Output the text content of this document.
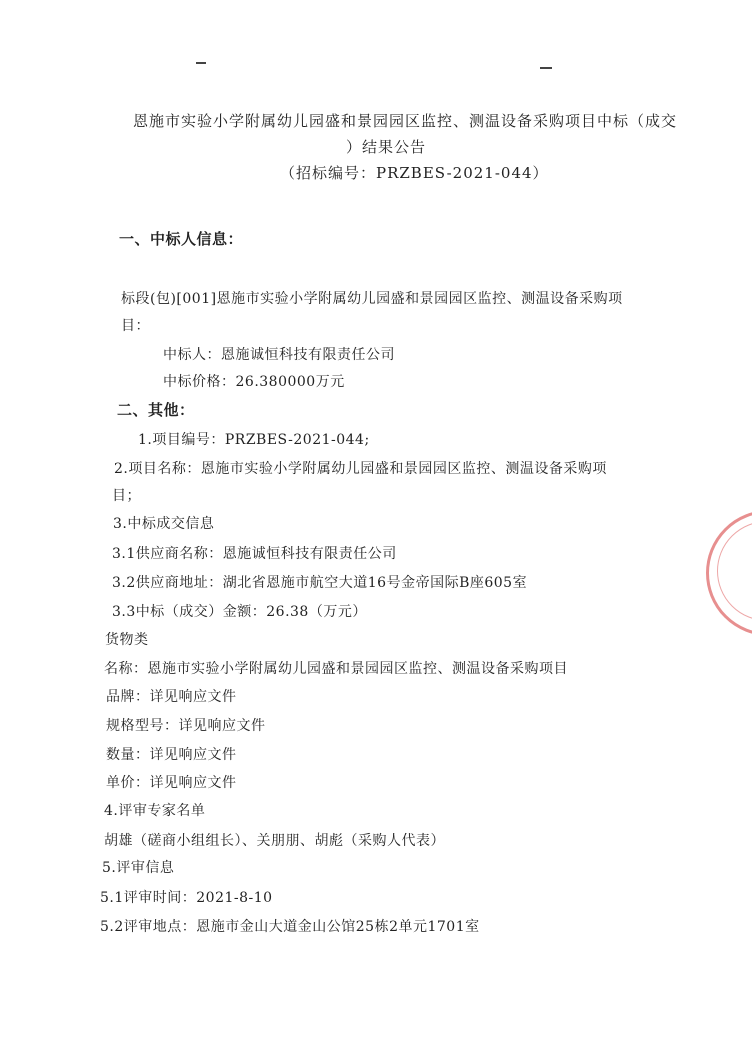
恩施市实验小学附属幼儿园盛和景园园区监控、测温设备采购项目中标（成交
）结果公告
（招标编号：PRZBES-2021-044）
一、中标人信息：
标段(包)[001]恩施市实验小学附属幼儿园盛和景园园区监控、测温设备采购项
目：
中标人：恩施诚恒科技有限责任公司
中标价格：26.380000万元
二、其他：
1.项目编号：PRZBES-2021-044;
2.项目名称：恩施市实验小学附属幼儿园盛和景园园区监控、测温设备采购项
目；
3.中标成交信息
3.1供应商名称：恩施诚恒科技有限责任公司
3.2供应商地址：湖北省恩施市航空大道16号金帝国际B座605室
3.3中标（成交）金额：26.38（万元）
货物类
名称：恩施市实验小学附属幼儿园盛和景园园区监控、测温设备采购项目
品牌：详见响应文件
规格型号：详见响应文件
数量：详见响应文件
单价：详见响应文件
4.评审专家名单
胡雄（磋商小组组长）、关朋朋、胡彪（采购人代表）
5.评审信息
5.1评审时间：2021-8-10
5.2评审地点：恩施市金山大道金山公馆25栋2单元1701室
